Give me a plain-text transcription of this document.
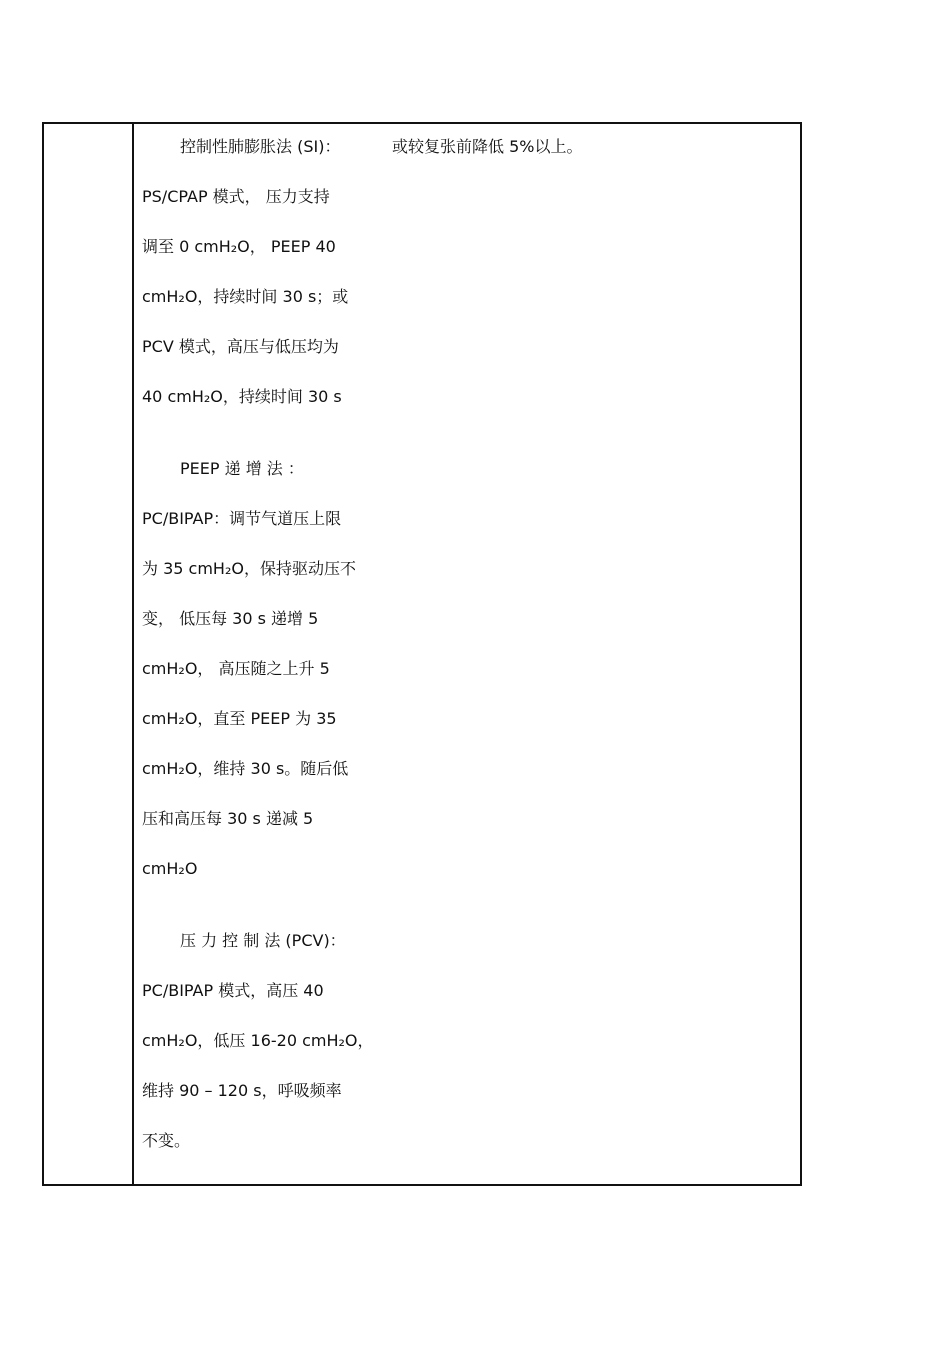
控制性肺膨胀法 (SI)：
PS/CPAP 模式， 压力支持
调至 0 cmH₂O， PEEP 40
cmH₂O，持续时间 30 s；或
PCV 模式，高压与低压均为
40 cmH₂O，持续时间 30 s
PEEP 递 增 法 ：
PC/BIPAP：调节气道压上限
为 35 cmH₂O，保持驱动压不
变， 低压每 30 s 递增 5
cmH₂O， 高压随之上升 5
cmH₂O，直至 PEEP 为 35
cmH₂O，维持 30 s。随后低
压和高压每 30 s 递减 5
cmH₂O
压 力 控 制 法 (PCV)：
PC/BIPAP 模式，高压 40
cmH₂O，低压 16-20 cmH₂O，
维持 90 – 120 s，呼吸频率
不变。
或较复张前降低 5%以上。
